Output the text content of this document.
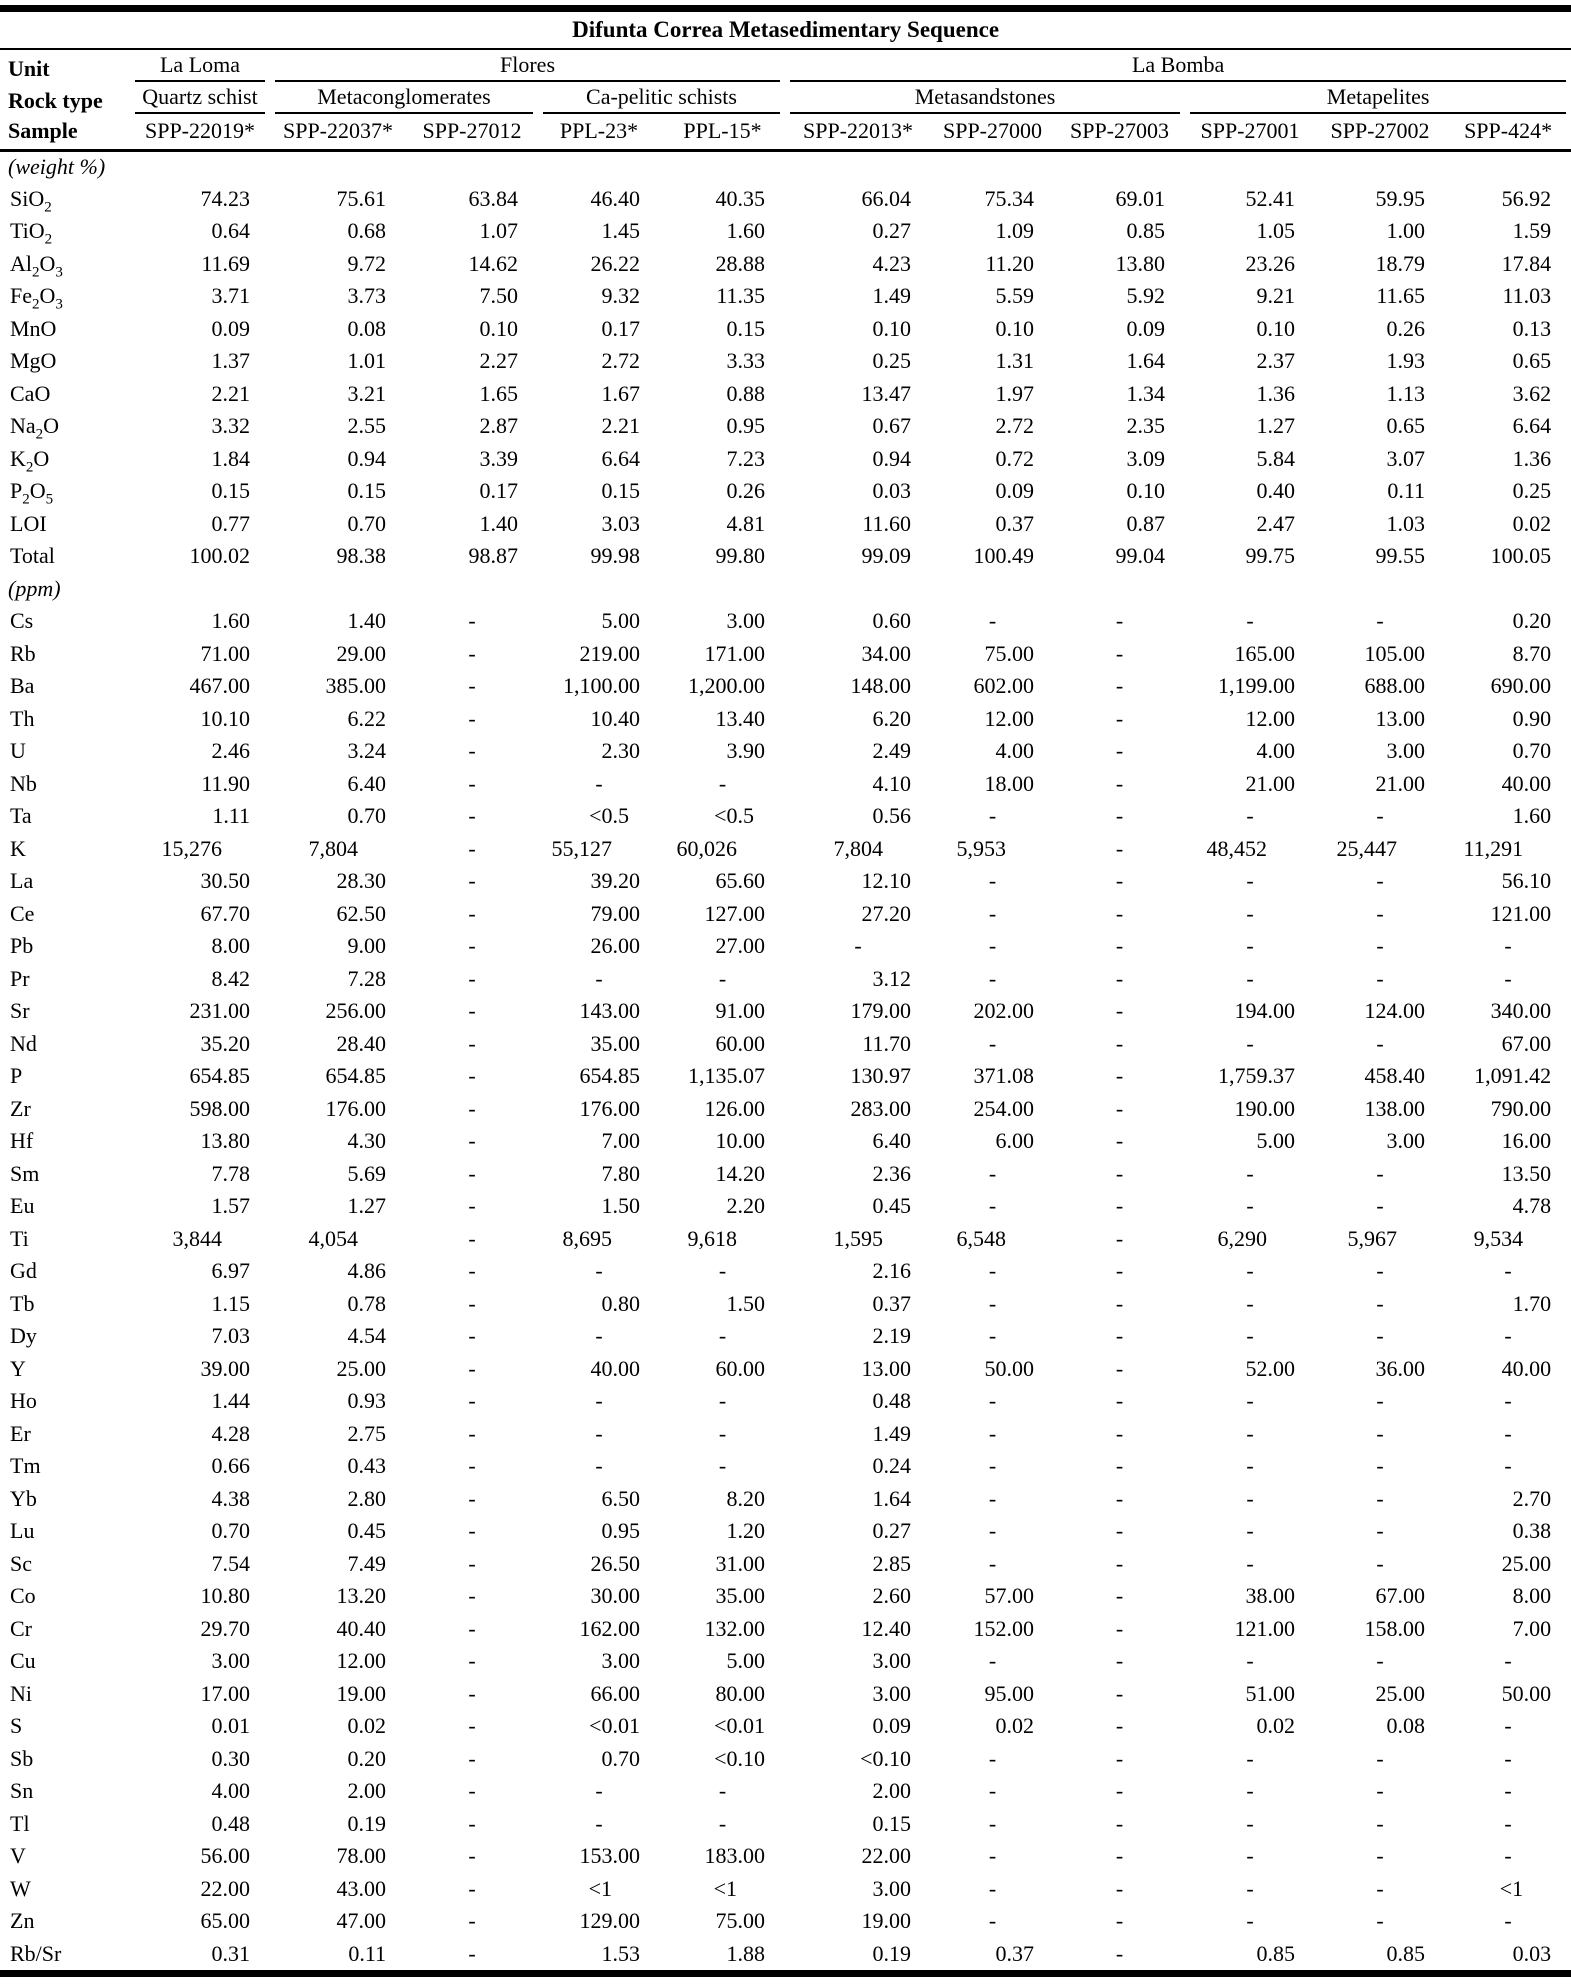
Difunta Correa Metasedimentary Sequence											
Unit	La Loma	Flores				La Bomba					

Rock type	Quartz schist	Metaconglomerates		Ca-pelitic schists		Metasandstones			Metapelites		

Sample	SPP-22019*	SPP-22037*	SPP-27012	PPL-23*	PPL-15*	SPP-22013*	SPP-27000	SPP-27003	SPP-27001	SPP-27002	SPP-424*
(weight %)											
SiO$_2$	74.23	75.61	63.84	46.40	40.35	66.04	75.34	69.01	52.41	59.95	56.92
TiO$_2$	0.64	0.68	1.07	1.45	1.60	0.27	1.09	0.85	1.05	1.00	1.59
$Al_2O_3$	11.69	9.72	14.62	26.22	28.88	4.23	11.20	13.80	23.26	18.79	17.84
$Fe_2O_3$	3.71	3.73	7.50	9.32	11.35	1.49	5.59	5.92	9.21	11.65	11.03
MnO	0.09	0.08	0.10	0.17	0.15	0.10	0.10	0.09	0.10	0.26	0.13
MgO	1.37	1.01	2.27	2.72	3.33	0.25	1.31	1.64	2.37	1.93	0.65
CaO	2.21	3.21	1.65	1.67	0.88	13.47	1.97	1.34	1.36	1.13	3.62
$Na_2O$	3.32	2.55	2.87	2.21	0.95	0.67	2.72	2.35	1.27	0.65	6.64
$K_2O$	1.84	0.94	3.39	6.64	7.23	0.94	0.72	3.09	5.84	3.07	1.36
$P_2O_5$	0.15	0.15	0.17	0.15	0.26	0.03	0.09	0.10	0.40	0.11	0.25
LOI	0.77	0.70	1.40	3.03	4.81	11.60	0.37	0.87	2.47	1.03	0.02
Total	100.02	98.38	98.87	99.98	99.80	99.09	100.49	99.04	99.75	99.55	100.05
(ppm)											
Cs	1.60	1.40	-	5.00	3.00	0.60	-	-	-	-	0.20
Rb	71.00	29.00	-	219.00	171.00	34.00	75.00	-	165.00	105.00	8.70
Ba	467.00	385.00	-	1,100.00	1,200.00	148.00	602.00	-	1,199.00	688.00	690.00
Th	10.10	6.22	-	10.40	13.40	6.20	12.00	-	12.00	13.00	0.90
U	2.46	3.24	-	2.30	3.90	2.49	4.00	-	4.00	3.00	0.70
Nb	11.90	6.40	-	-	-	4.10	18.00	-	21.00	21.00	40.00
Ta	1.11	0.70	-	<0.5	<0.5	0.56	-	-	-	-	1.60
K	15,276	7,804	-	55,127	60,026	7,804	5,953	-	48,452	25,447	11,291
La	30.50	28.30	-	39.20	65.60	12.10	-	-	-	-	56.10
Ce	67.70	62.50	-	79.00	127.00	27.20	-	-	-	-	121.00
Pb	8.00	9.00	-	26.00	27.00	-	-	-	-	-	-
Pr	8.42	7.28	-	-	-	3.12	-	-	-	-	-
Sr	231.00	256.00	-	143.00	91.00	179.00	202.00	-	194.00	124.00	340.00
Nd	35.20	28.40	-	35.00	60.00	11.70	-	-	-	-	67.00
P	654.85	654.85	-	654.85	1,135.07	130.97	371.08	-	1,759.37	458.40	1,091.42
Zr	598.00	176.00	-	176.00	126.00	283.00	254.00	-	190.00	138.00	790.00
Hf	13.80	4.30	-	7.00	10.00	6.40	6.00	-	5.00	3.00	16.00
Sm	7.78	5.69	-	7.80	14.20	2.36	-	-	-	-	13.50
Eu	1.57	1.27	-	1.50	2.20	0.45	-	-	-	-	4.78
Ti	3,844	4,054	-	8,695	9,618	1,595	6,548	-	6,290	5,967	9,534
Gd	6.97	4.86	-	-	-	2.16	-	-	-	-	-
Tb	1.15	0.78	-	0.80	1.50	0.37	-	-	-	-	1.70
Dy	7.03	4.54	-	-	-	2.19	-	-	-	-	-
Y	39.00	25.00	-	40.00	60.00	13.00	50.00	-	52.00	36.00	40.00
Ho	1.44	0.93	-	-	-	0.48	-	-	-	-	-
Er	4.28	2.75	-	-	-	1.49	-	-	-	-	-
Tm	0.66	0.43	-	-	-	0.24	-	-	-	-	-
Yb	4.38	2.80	-	6.50	8.20	1.64	-	-	-	-	2.70
Lu	0.70	0.45	-	0.95	1.20	0.27	-	-	-	-	0.38
Sc	7.54	7.49	-	26.50	31.00	2.85	-	-	-	-	25.00
Co	10.80	13.20	-	30.00	35.00	2.60	57.00	-	38.00	67.00	8.00
Cr	29.70	40.40	-	162.00	132.00	12.40	152.00	-	121.00	158.00	7.00
Cu	3.00	12.00	-	3.00	5.00	3.00	-	-	-	-	-
Ni	17.00	19.00	-	66.00	80.00	3.00	95.00	-	51.00	25.00	50.00
S	0.01	0.02	-	<0.01	<0.01	0.09	0.02	-	0.02	0.08	-
Sb	0.30	0.20	-	0.70	<0.10	<0.10	-	-	-	-	-
Sn	4.00	2.00	-	-	-	2.00	-	-	-	-	-
Tl	0.48	0.19	-	-	-	0.15	-	-	-	-	-
V	56.00	78.00	-	153.00	183.00	22.00	-	-	-	-	-
W	22.00	43.00	-	<1	<1	3.00	-	-	-	-	<1
Zn	65.00	47.00	-	129.00	75.00	19.00	-	-	-	-	-
Rb/Sr	0.31	0.11	-	1.53	1.88	0.19	0.37	-	0.85	0.85	0.03
